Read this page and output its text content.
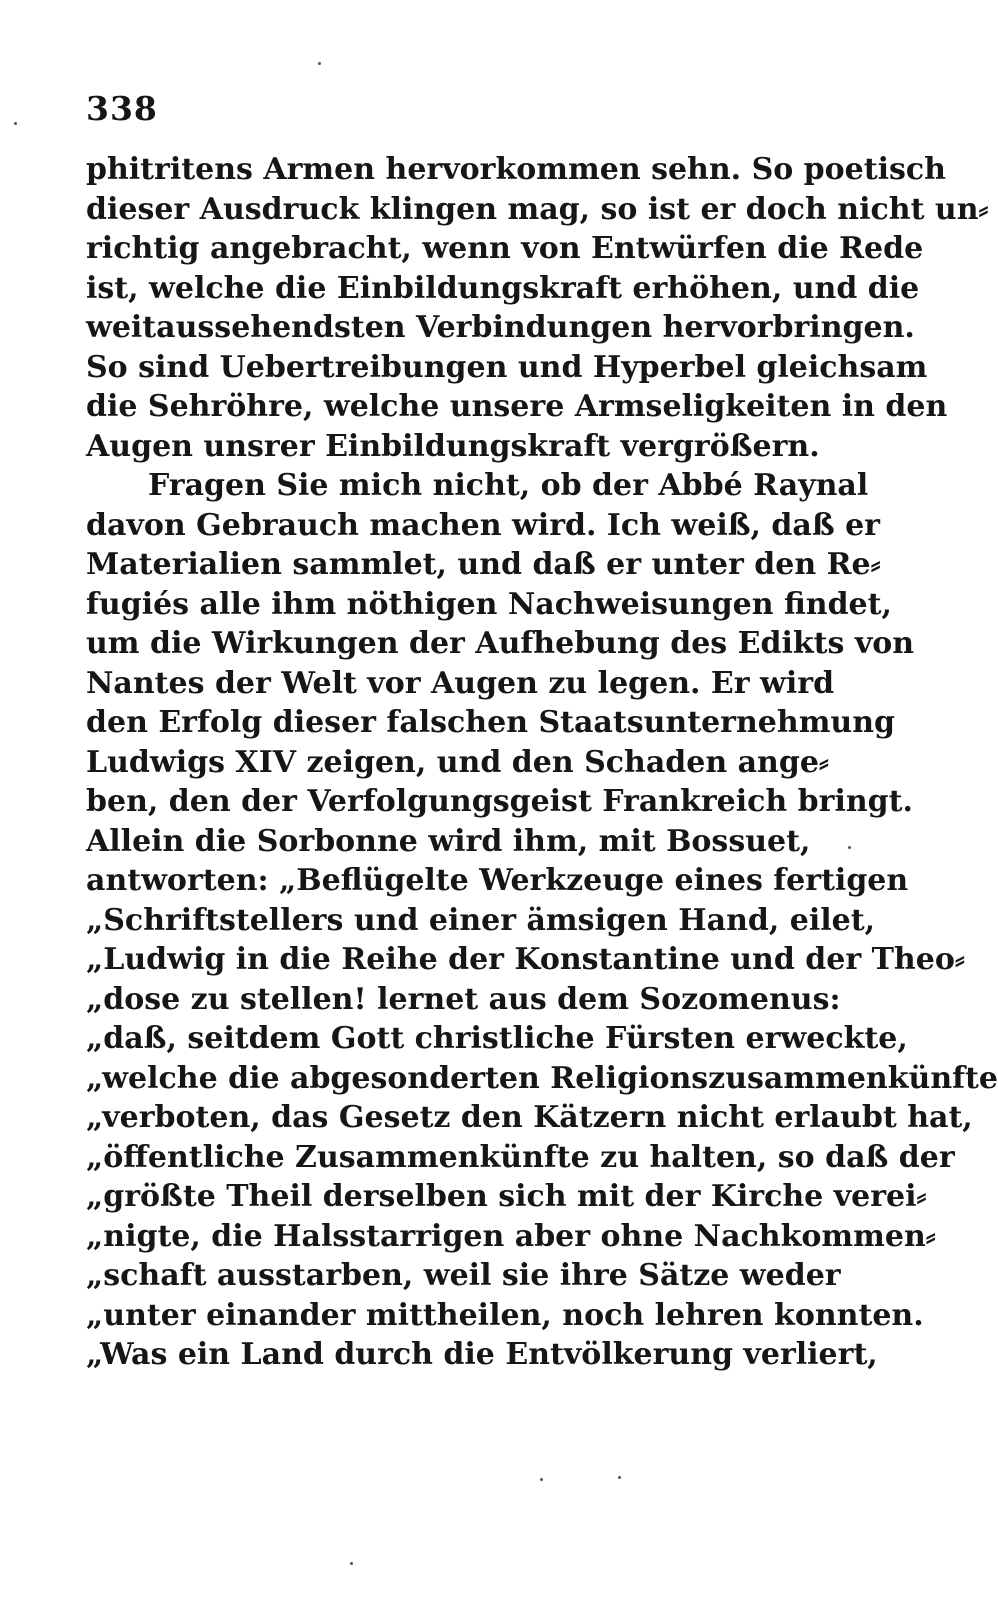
338
phitritens Armen hervorkommen sehn. So poetisch
dieser Ausdruck klingen mag, so ist er doch nicht un⸗
richtig angebracht, wenn von Entwürfen die Rede
ist, welche die Einbildungskraft erhöhen, und die
weitaussehendsten Verbindungen hervorbringen.
So sind Uebertreibungen und Hyperbel gleichsam
die Sehröhre, welche unsere Armseligkeiten in den
Augen unsrer Einbildungskraft vergrößern.
Fragen Sie mich nicht, ob der Abbé Raynal
davon Gebrauch machen wird. Ich weiß, daß er
Materialien sammlet, und daß er unter den Re⸗
fugiés alle ihm nöthigen Nachweisungen findet,
um die Wirkungen der Aufhebung des Edikts von
Nantes der Welt vor Augen zu legen. Er wird
den Erfolg dieser falschen Staatsunternehmung
Ludwigs XIV zeigen, und den Schaden ange⸗
ben, den der Verfolgungsgeist Frankreich bringt.
Allein die Sorbonne wird ihm, mit Bossuet,
antworten: „Beflügelte Werkzeuge eines fertigen
„Schriftstellers und einer ämsigen Hand, eilet,
„Ludwig in die Reihe der Konstantine und der Theo⸗
„dose zu stellen! lernet aus dem Sozomenus:
„daß, seitdem Gott christliche Fürsten erweckte,
„welche die abgesonderten Religionszusammenkünfte
„verboten, das Gesetz den Kätzern nicht erlaubt hat,
„öffentliche Zusammenkünfte zu halten, so daß der
„größte Theil derselben sich mit der Kirche verei⸗
„nigte, die Halsstarrigen aber ohne Nachkommen⸗
„schaft ausstarben, weil sie ihre Sätze weder
„unter einander mittheilen, noch lehren konnten.
„Was ein Land durch die Entvölkerung verliert,
